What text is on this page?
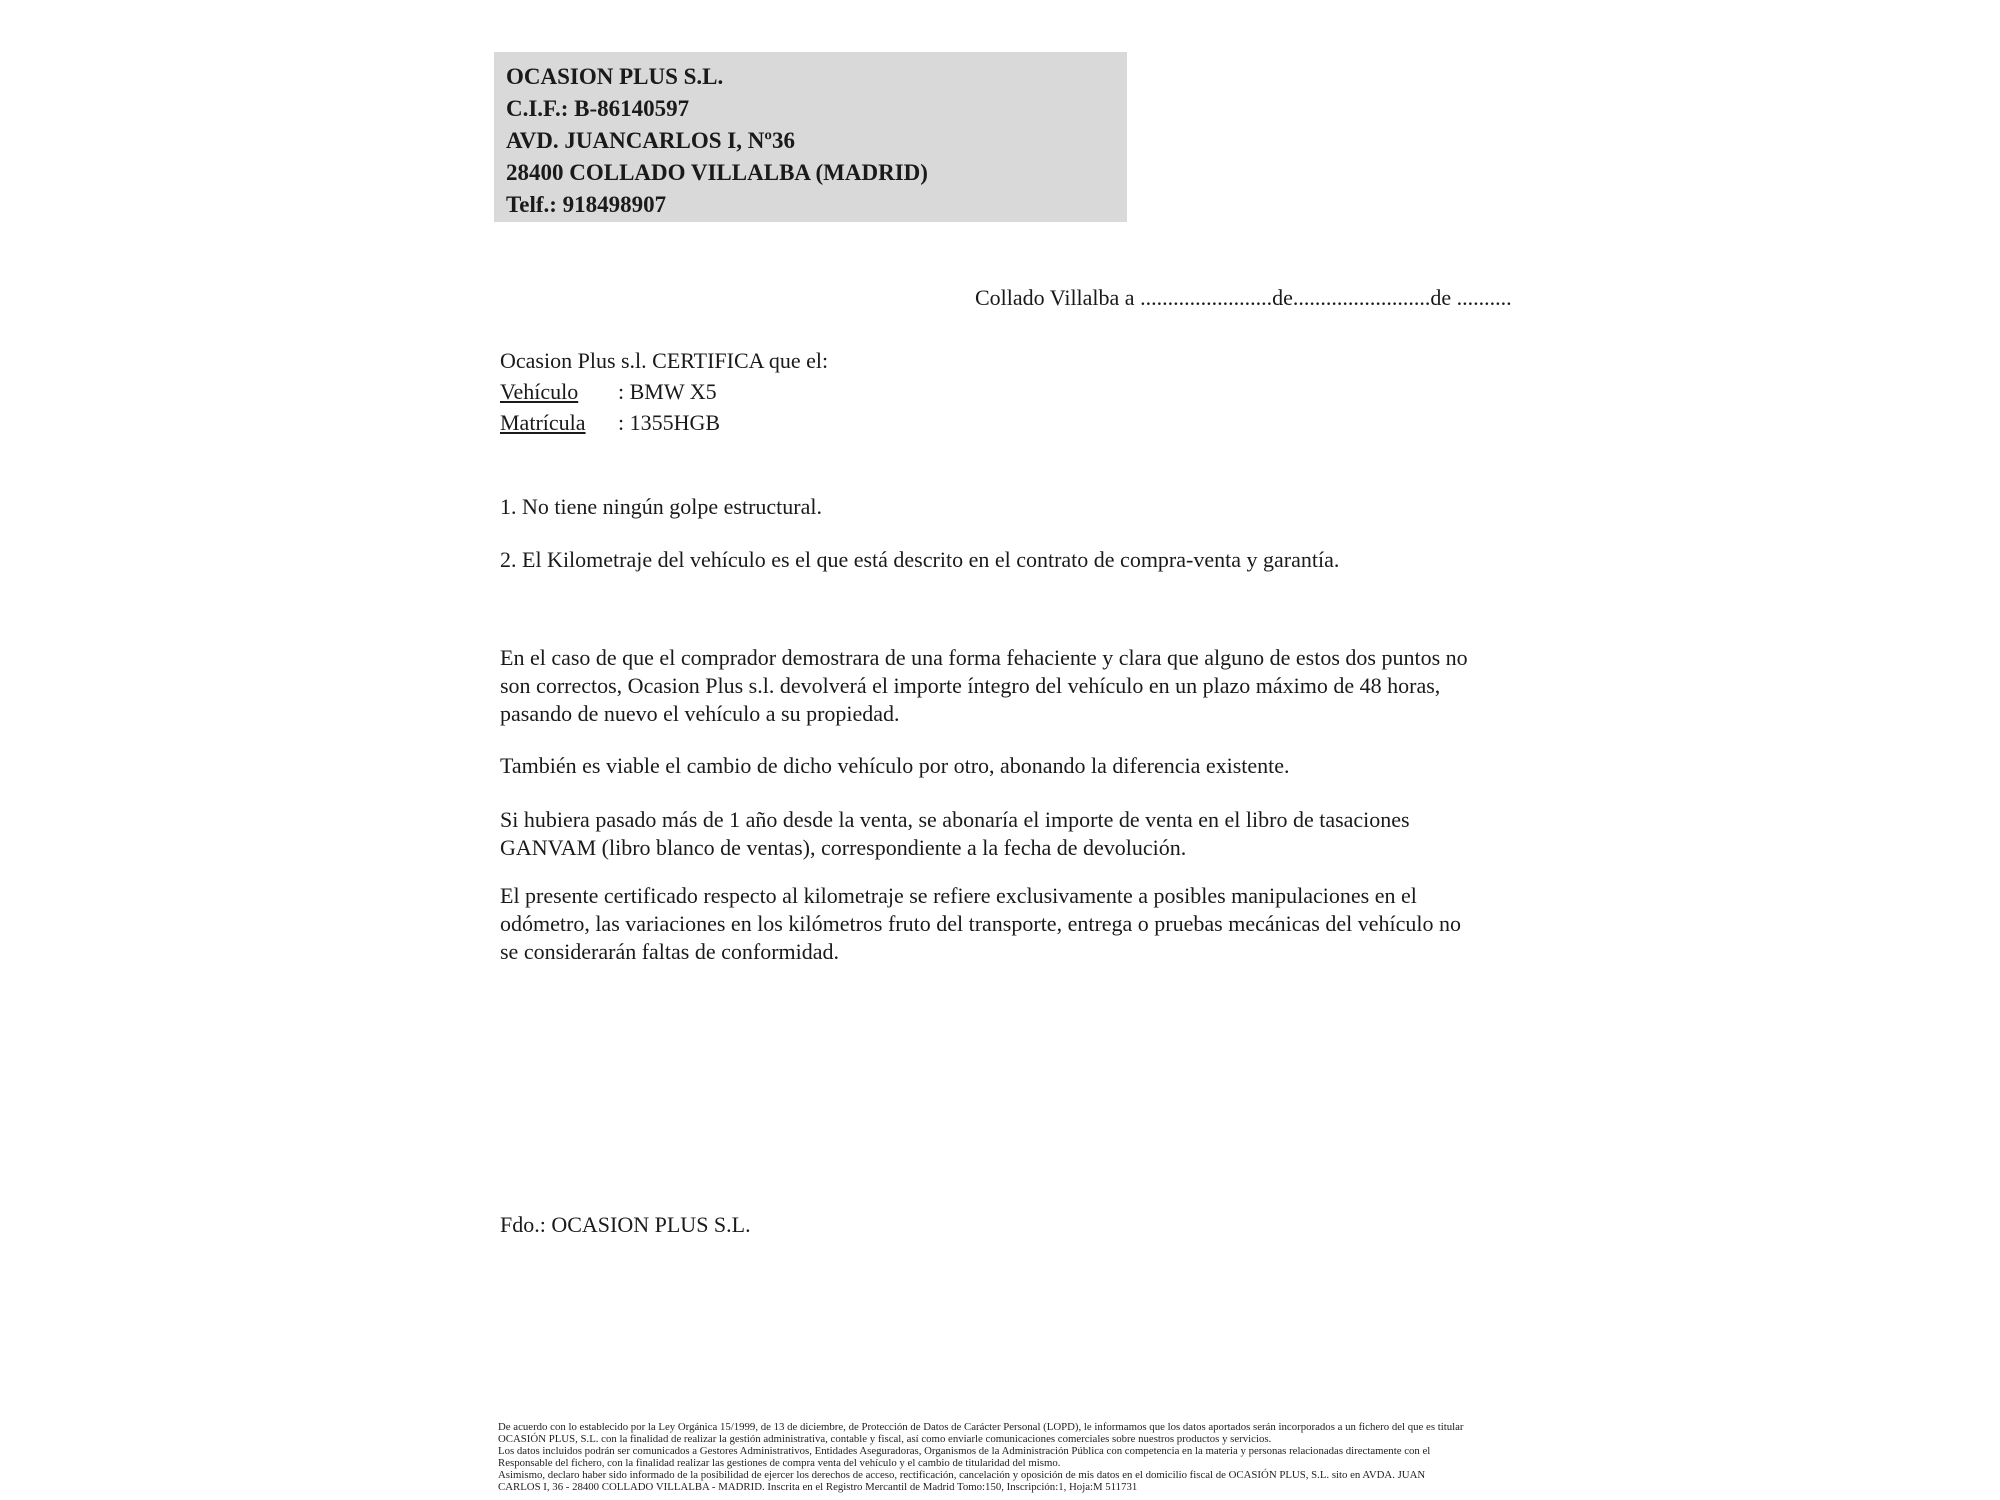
OCASION PLUS S.L.
C.I.F.: B-86140597
AVD. JUANCARLOS I, Nº36
28400 COLLADO VILLALBA (MADRID)
Telf.: 918498907
Collado Villalba a ........................de.........................de ..........
Ocasion Plus s.l. CERTIFICA que el:
Vehículo : BMW X5
Matrícula : 1355HGB
1. No tiene ningún golpe estructural.
2. El Kilometraje del vehículo es el que está descrito en el contrato de compra-venta y garantía.
En el caso de que el comprador demostrara de una forma fehaciente y clara que alguno de estos dos puntos no
son correctos, Ocasion Plus s.l. devolverá el importe íntegro del vehículo en un plazo máximo de 48 horas,
pasando de nuevo el vehículo a su propiedad.
También es viable el cambio de dicho vehículo por otro, abonando la diferencia existente.
Si hubiera pasado más de 1 año desde la venta, se abonaría el importe de venta en el libro de tasaciones
GANVAM (libro blanco de ventas), correspondiente a la fecha de devolución.
El presente certificado respecto al kilometraje se refiere exclusivamente a posibles manipulaciones en el
odómetro, las variaciones en los kilómetros fruto del transporte, entrega o pruebas mecánicas del vehículo no
se considerarán faltas de conformidad.
Fdo.: OCASION PLUS S.L.
De acuerdo con lo establecido por la Ley Orgánica 15/1999, de 13 de diciembre, de Protección de Datos de Carácter Personal (LOPD), le informamos que los datos aportados serán incorporados a un fichero del que es titular
OCASIÓN PLUS, S.L. con la finalidad de realizar la gestión administrativa, contable y fiscal, así como enviarle comunicaciones comerciales sobre nuestros productos y servicios.
Los datos incluidos podrán ser comunicados a Gestores Administrativos, Entidades Aseguradoras, Organismos de la Administración Pública con competencia en la materia y personas relacionadas directamente con el
Responsable del fichero, con la finalidad realizar las gestiones de compra venta del vehículo y el cambio de titularidad del mismo.
Asimismo, declaro haber sido informado de la posibilidad de ejercer los derechos de acceso, rectificación, cancelación y oposición de mis datos en el domicilio fiscal de OCASIÓN PLUS, S.L. sito en AVDA. JUAN
CARLOS I, 36 - 28400 COLLADO VILLALBA - MADRID. Inscrita en el Registro Mercantil de Madrid Tomo:150, Inscripción:1, Hoja:M 511731
